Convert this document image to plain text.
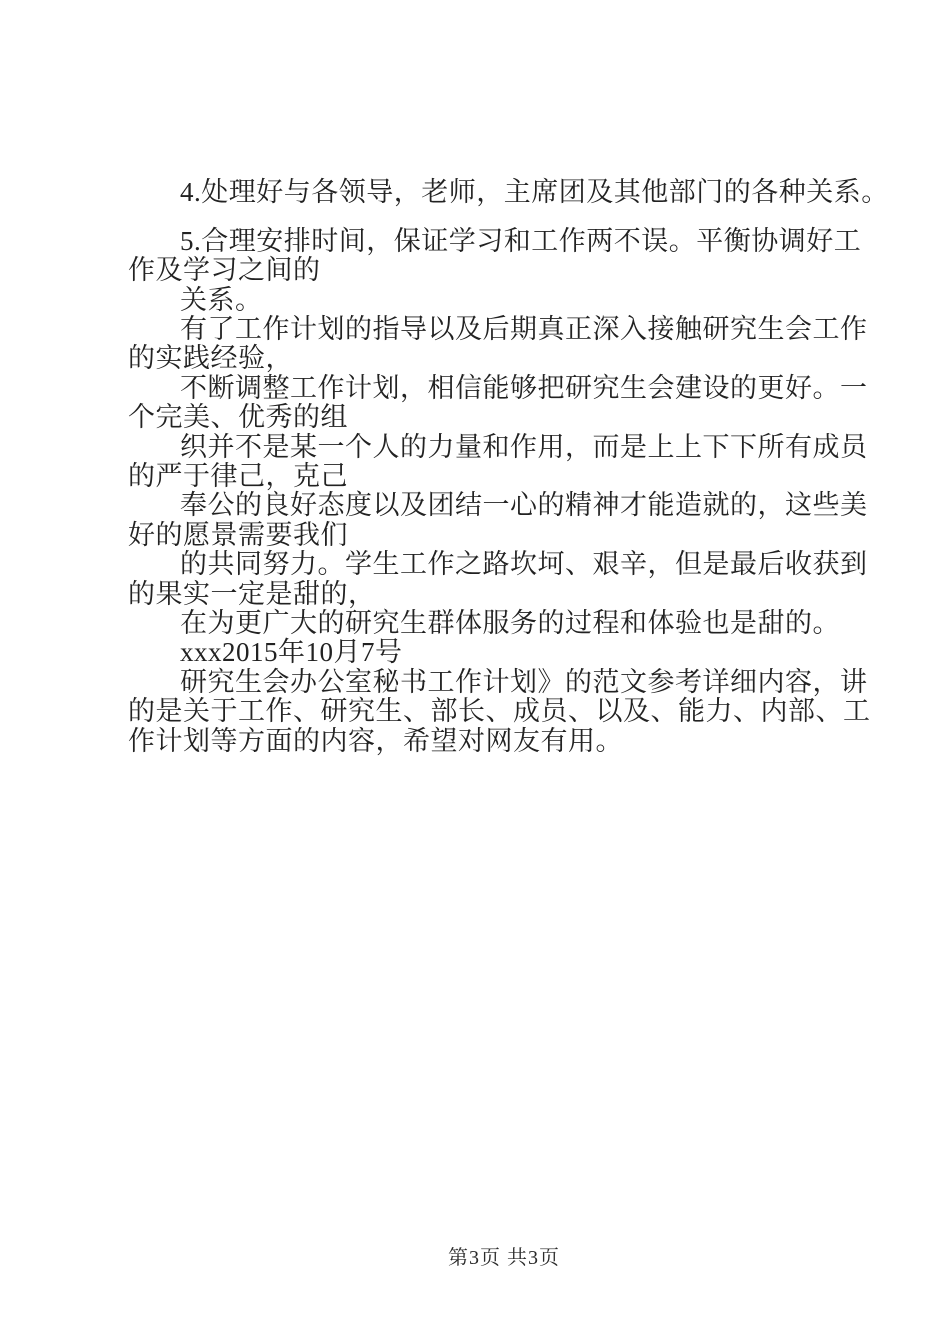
4.处理好与各领导，老师，主席团及其他部门的各种关系。
5.合理安排时间，保证学习和工作两不误。平衡协调好工
作及学习之间的
关系。
有了工作计划的指导以及后期真正深入接触研究生会工作
的实践经验，
不断调整工作计划，相信能够把研究生会建设的更好。一
个完美、优秀的组
织并不是某一个人的力量和作用，而是上上下下所有成员
的严于律己，克己
奉公的良好态度以及团结一心的精神才能造就的，这些美
好的愿景需要我们
的共同努力。学生工作之路坎坷、艰辛，但是最后收获到
的果实一定是甜的，
在为更广大的研究生群体服务的过程和体验也是甜的。
xxx2015年10月7号
研究生会办公室秘书工作计划》的范文参考详细内容，讲
的是关于工作、研究生、部长、成员、以及、能力、内部、工
作计划等方面的内容，希望对网友有用。
第3页 共3页
